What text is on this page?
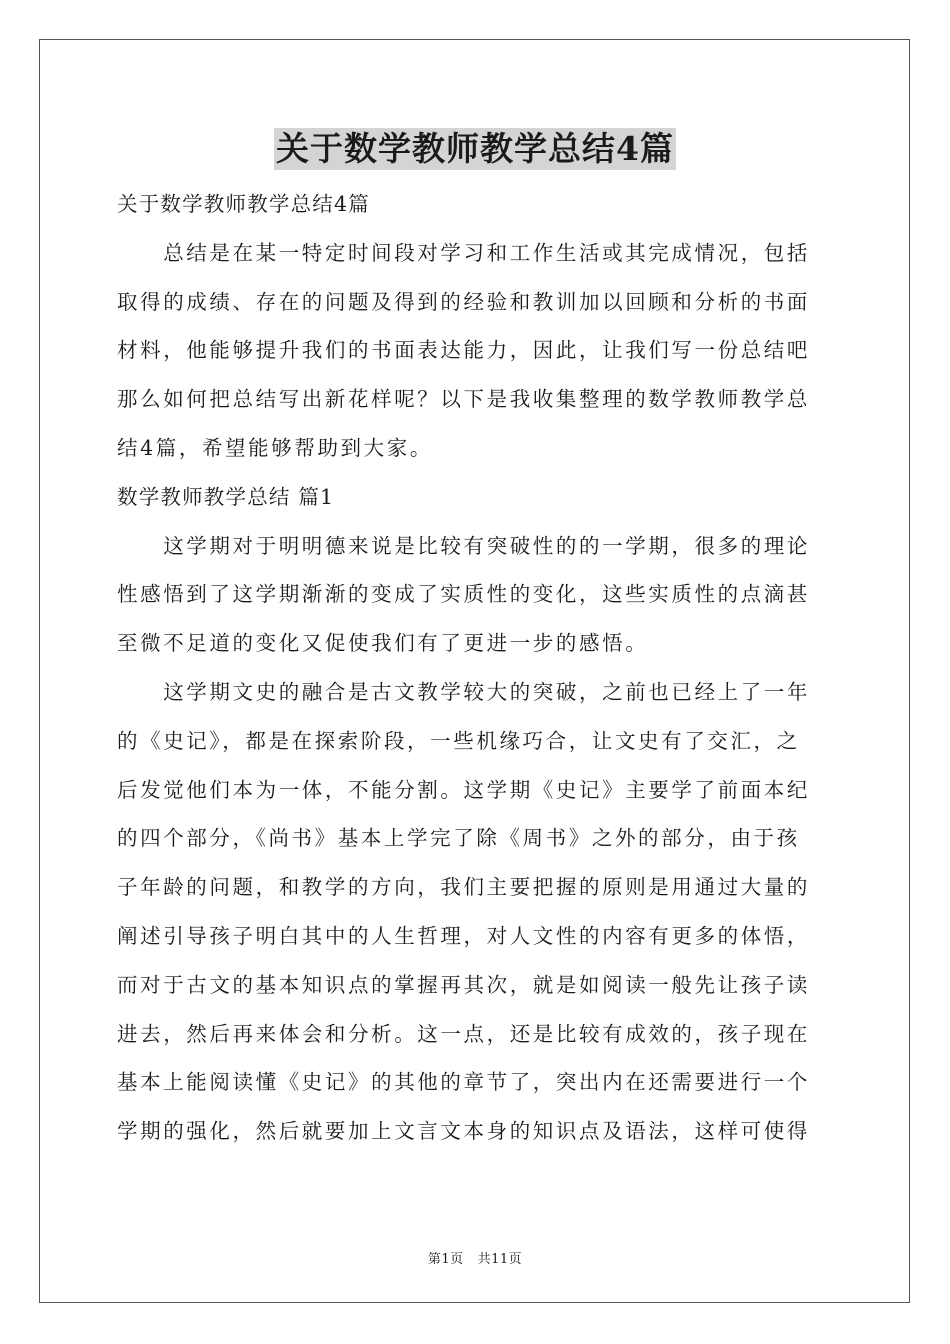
关于数学教师教学总结4篇
关于数学教师教学总结4篇
　　总结是在某一特定时间段对学习和工作生活或其完成情况，包括
取得的成绩、存在的问题及得到的经验和教训加以回顾和分析的书面
材料，他能够提升我们的书面表达能力，因此，让我们写一份总结吧
那么如何把总结写出新花样呢？以下是我收集整理的数学教师教学总
结4篇，希望能够帮助到大家。
数学教师教学总结 篇1
　　这学期对于明明德来说是比较有突破性的的一学期，很多的理论
性感悟到了这学期渐渐的变成了实质性的变化，这些实质性的点滴甚
至微不足道的变化又促使我们有了更进一步的感悟。
　　这学期文史的融合是古文教学较大的突破，之前也已经上了一年
的《史记》，都是在探索阶段，一些机缘巧合，让文史有了交汇，之
后发觉他们本为一体，不能分割。这学期《史记》主要学了前面本纪
的四个部分，《尚书》基本上学完了除《周书》之外的部分，由于孩
子年龄的问题，和教学的方向，我们主要把握的原则是用通过大量的
阐述引导孩子明白其中的人生哲理，对人文性的内容有更多的体悟，
而对于古文的基本知识点的掌握再其次，就是如阅读一般先让孩子读
进去，然后再来体会和分析。这一点，还是比较有成效的，孩子现在
基本上能阅读懂《史记》的其他的章节了，突出内在还需要进行一个
学期的强化，然后就要加上文言文本身的知识点及语法，这样可使得
第1页 共11页
